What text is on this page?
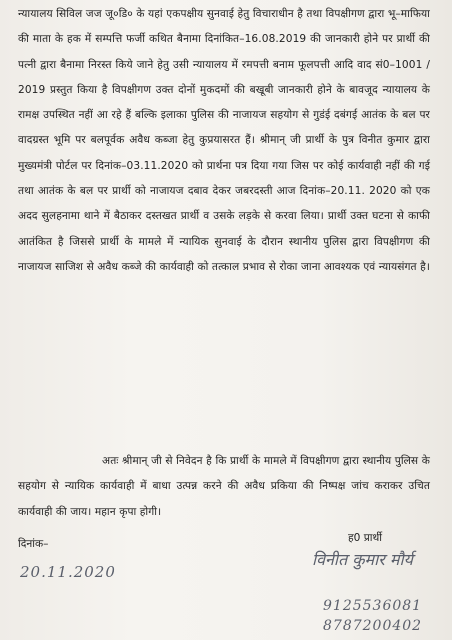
न्यायालय सिविल जज जू०डि० के यहां एकपक्षीय सुनवाई हेतु विचाराधीन है तथा विपक्षीगण द्वारा भू–माफिया की माता के हक में सम्पत्ति फर्जी कथित बैनामा दिनांकित–16.08.2019 की जानकारी होने पर प्रार्थी की पत्नी द्वारा बैनामा निरस्त किये जाने हेतु उसी न्यायालय में रमपत्ती बनाम फूलपत्ती आदि वाद सं0–1001 / 2019 प्रस्तुत किया है विपक्षीगण उक्त दोनों मुकदमों की बखूबी जानकारी होने के बावजूद न्यायालय के रामक्ष उपस्थित नहीं आ रहे हैं बल्कि इलाका पुलिस की नाजायज सहयोग से गुडंई दबंगई आतंक के बल पर वादग्रस्त भूमि पर बलपूर्वक अवैध कब्जा हेतु कुप्रयासरत हैं। श्रीमान् जी प्रार्थी के पुत्र विनीत कुमार द्वारा मुख्यमंत्री पोर्टल पर दिनांक–03.11.2020 को प्रार्थना पत्र दिया गया जिस पर कोई कार्यवाही नहीं की गई तथा आतंक के बल पर प्रार्थी को नाजायज दबाव देकर जबरदस्ती आज दिनांक–20.11. 2020 को एक अदद सुलहनामा थाने में बैठाकर दस्तखत प्रार्थी व उसके लड़के से करवा लिया। प्रार्थी उक्त घटना से काफी आतंकित है जिससे प्रार्थी के मामले में न्यायिक सुनवाई के दौरान स्थानीय पुलिस द्वारा विपक्षीगण की नाजायज साजिश से अवैध कब्जे की कार्यवाही को तत्काल प्रभाव से रोका जाना आवश्यक एवं न्यायसंगत है।
अतः श्रीमान् जी से निवेदन है कि प्रार्थी के मामले में विपक्षीगण द्वारा स्थानीय पुलिस के सहयोग से न्यायिक कार्यवाही में बाधा उत्पन्न करने की अवैध प्रकिया की निष्पक्ष जांच कराकर उचित कार्यवाही की जाय। महान कृपा होगी।
दिनांक–	ह0 प्रार्थी
20.11.2020
विनीत कुमार मौर्य
9125536081
8787200402
